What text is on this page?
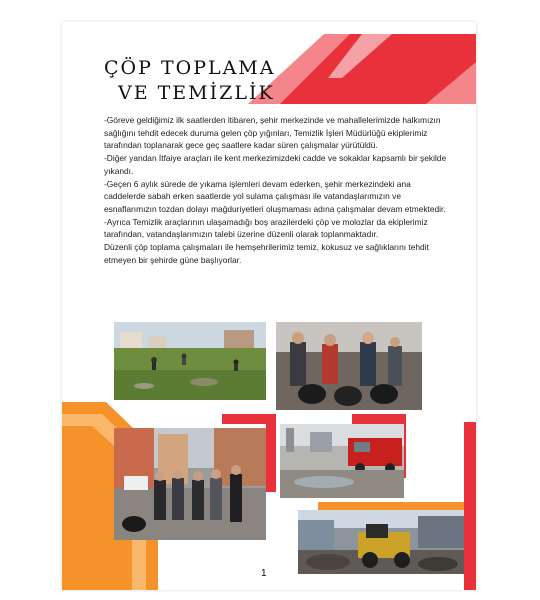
ÇÖP TOPLAMA
VE TEMİZLİK

-Göreve geldiğimiz ilk saatlerden itibaren, şehir merkezinde ve mahallelerimizde halkımızın sağlığını tehdit edecek duruma gelen çöp yığınları, Temizlik İşleri Müdürlüğü ekiplerimiz tarafından toplanarak gece geç saatlere kadar süren çalışmalar yürütüldü.

-Diğer yandan İtfaiye araçları ile kent merkezimizdeki cadde ve sokaklar kapsamlı bir şekilde yıkandı.

-Geçen 6 aylık sürede de yıkama işlemleri devam ederken, şehir merkezindeki ana caddelerde sabah erken saatlerde yol sulama çalışması ile vatandaşlarımızın ve esnaflarımızın tozdan dolayı mağduriyetleri oluşmaması adına çalışmalar devam etmektedir.

-Ayrıca Temizlik araçlarının ulaşamadığı boş arazilerdeki çöp ve molozlar da ekiplerimiz tarafından, vatandaşlarımızın talebi üzerine düzenli olarak toplanmaktadır.

Düzenli çöp toplama çalışmaları ile hemşehrilerimiz temiz, kokusuz ve sağlıklarını tehdit etmeyen bir şehirde güne başlıyorlar.

1
